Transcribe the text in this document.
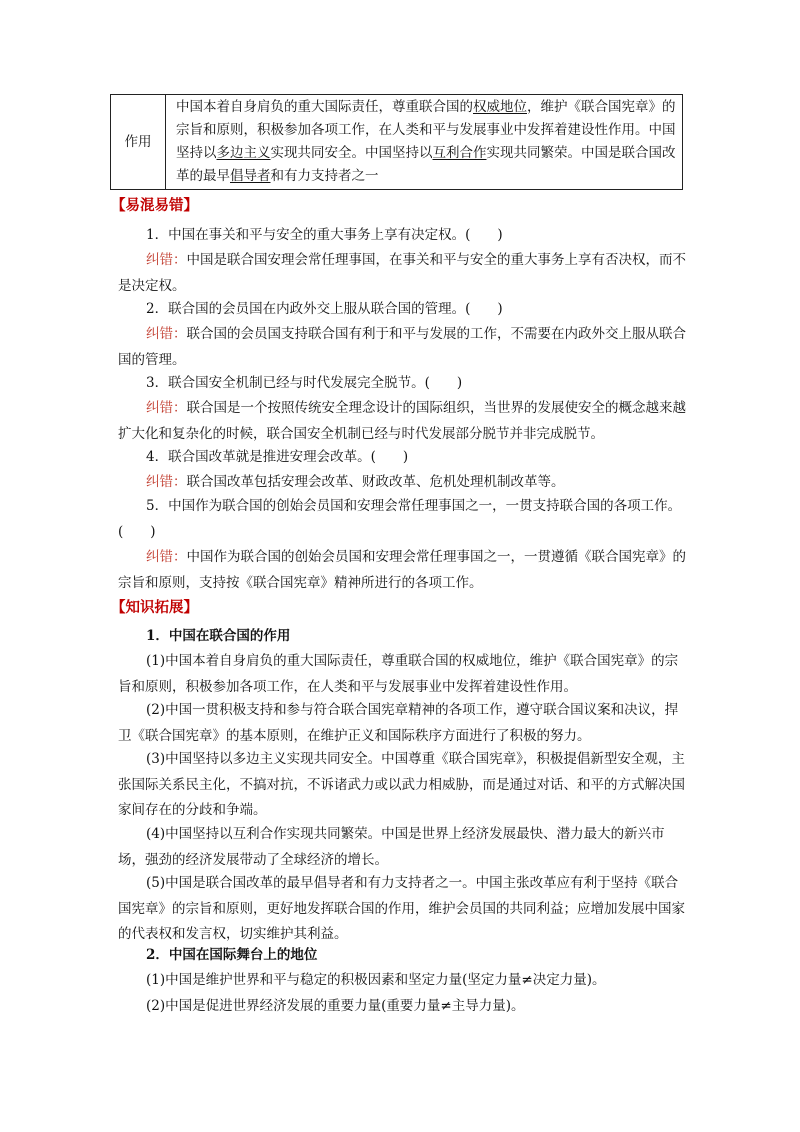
作用	中国本着自身肩负的重大国际责任，尊重联合国的权威地位，维护《联合国宪章》的宗旨和原则，积极参加各项工作，在人类和平与发展事业中发挥着建设性作用。中国坚持以多边主义实现共同安全。中国坚持以互利合作实现共同繁荣。中国是联合国改革的最早倡导者和有力支持者之一
【易混易错】

1．中国在事关和平与安全的重大事务上享有决定权。(　　)

纠错：中国是联合国安理会常任理事国，在事关和平与安全的重大事务上享有否决权，而不是决定权。

2．联合国的会员国在内政外交上服从联合国的管理。(　　)

纠错：联合国的会员国支持联合国有利于和平与发展的工作，不需要在内政外交上服从联合国的管理。

3．联合国安全机制已经与时代发展完全脱节。(　　)

纠错：联合国是一个按照传统安全理念设计的国际组织，当世界的发展使安全的概念越来越扩大化和复杂化的时候，联合国安全机制已经与时代发展部分脱节并非完成脱节。

4．联合国改革就是推进安理会改革。(　　)

纠错：联合国改革包括安理会改革、财政改革、危机处理机制改革等。

5．中国作为联合国的创始会员国和安理会常任理事国之一，一贯支持联合国的各项工作。(　　)

纠错：中国作为联合国的创始会员国和安理会常任理事国之一，一贯遵循《联合国宪章》的宗旨和原则，支持按《联合国宪章》精神所进行的各项工作。

【知识拓展】

1．中国在联合国的作用

(1)中国本着自身肩负的重大国际责任，尊重联合国的权威地位，维护《联合国宪章》的宗旨和原则，积极参加各项工作，在人类和平与发展事业中发挥着建设性作用。

(2)中国一贯积极支持和参与符合联合国宪章精神的各项工作，遵守联合国议案和决议，捍卫《联合国宪章》的基本原则，在维护正义和国际秩序方面进行了积极的努力。

(3)中国坚持以多边主义实现共同安全。中国尊重《联合国宪章》，积极提倡新型安全观，主张国际关系民主化，不搞对抗，不诉诸武力或以武力相威胁，而是通过对话、和平的方式解决国家间存在的分歧和争端。

(4)中国坚持以互利合作实现共同繁荣。中国是世界上经济发展最快、潜力最大的新兴市场，强劲的经济发展带动了全球经济的增长。

(5)中国是联合国改革的最早倡导者和有力支持者之一。中国主张改革应有利于坚持《联合国宪章》的宗旨和原则，更好地发挥联合国的作用，维护会员国的共同利益；应增加发展中国家的代表权和发言权，切实维护其利益。

2．中国在国际舞台上的地位

(1)中国是维护世界和平与稳定的积极因素和坚定力量(坚定力量≠决定力量)。

(2)中国是促进世界经济发展的重要力量(重要力量≠主导力量)。
